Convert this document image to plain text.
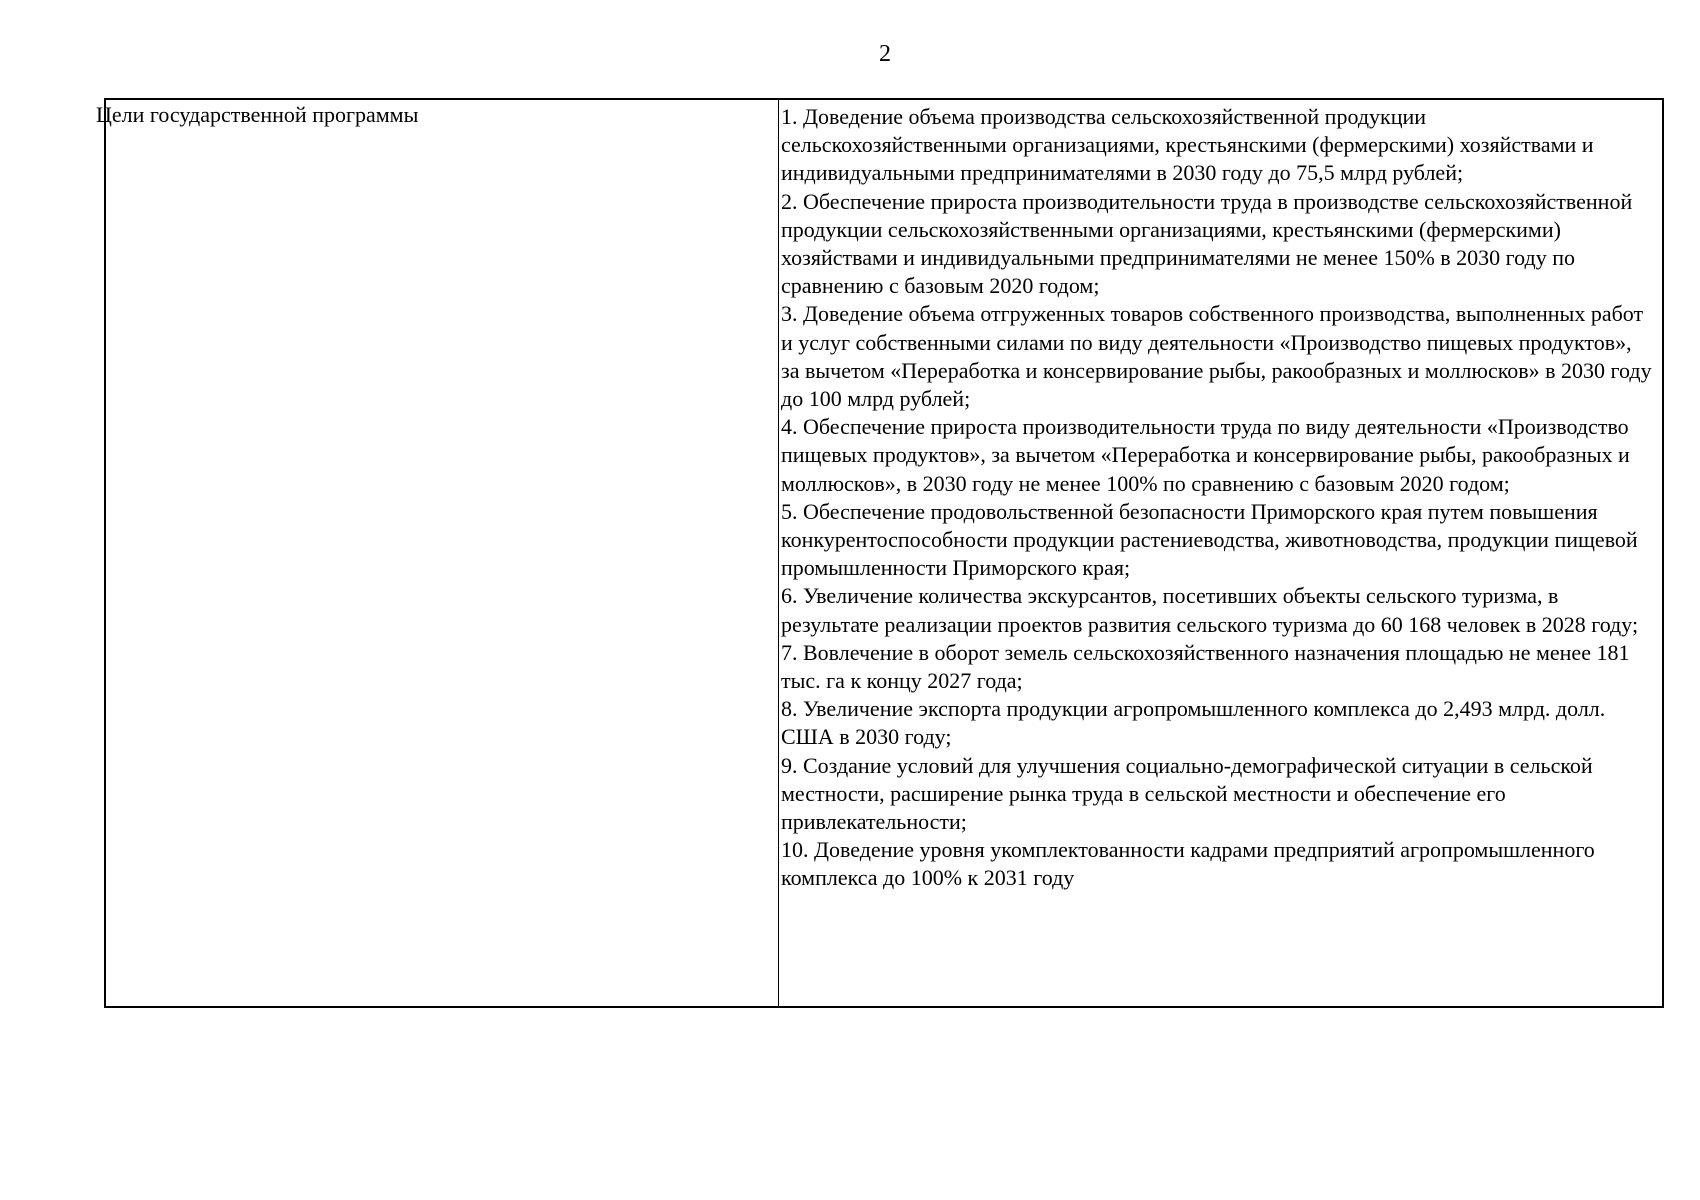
2
Цели государственной программы	1. Доведение объема производства сельскохозяйственной продукции сельскохозяйственными организациями, крестьянскими (фермерскими) хозяйствами и индивидуальными предпринимателями в 2030 году до 75,5 млрд рублей;

2. Обеспечение прироста производительности труда в производстве сельскохозяйственной продукции сельскохозяйственными организациями, крестьянскими (фермерскими) хозяйствами и индивидуальными предпринимателями не менее 150% в 2030 году по сравнению с базовым 2020 годом;

3. Доведение объема отгруженных товаров собственного производства, выполненных работ и услуг собственными силами по виду деятельности «Производство пищевых продуктов», за вычетом «Переработка и консервирование рыбы, ракообразных и моллюсков» в 2030 году до 100 млрд рублей;

4. Обеспечение прироста производительности труда по виду деятельности «Производство пищевых продуктов», за вычетом «Переработка и консервирование рыбы, ракообразных и моллюсков», в 2030 году не менее 100% по сравнению с базовым 2020 годом;

5. Обеспечение продовольственной безопасности Приморского края путем повышения конкурентоспособности продукции растениеводства, животноводства, продукции пищевой промышленности Приморского края;

6. Увеличение количества экскурсантов, посетивших объекты сельского туризма, в результате реализации проектов развития сельского туризма до 60 168 человек в 2028 году;

7. Вовлечение в оборот земель сельскохозяйственного назначения площадью не менее 181 тыс. га к концу 2027 года;

8. Увеличение экспорта продукции агропромышленного комплекса до 2,493 млрд. долл. США в 2030 году;

9. Создание условий для улучшения социально-демографической ситуации в сельской местности, расширение рынка труда в сельской местности и обеспечение его привлекательности;

10. Доведение уровня укомплектованности кадрами предприятий агропромышленного комплекса до 100% к 2031 году
